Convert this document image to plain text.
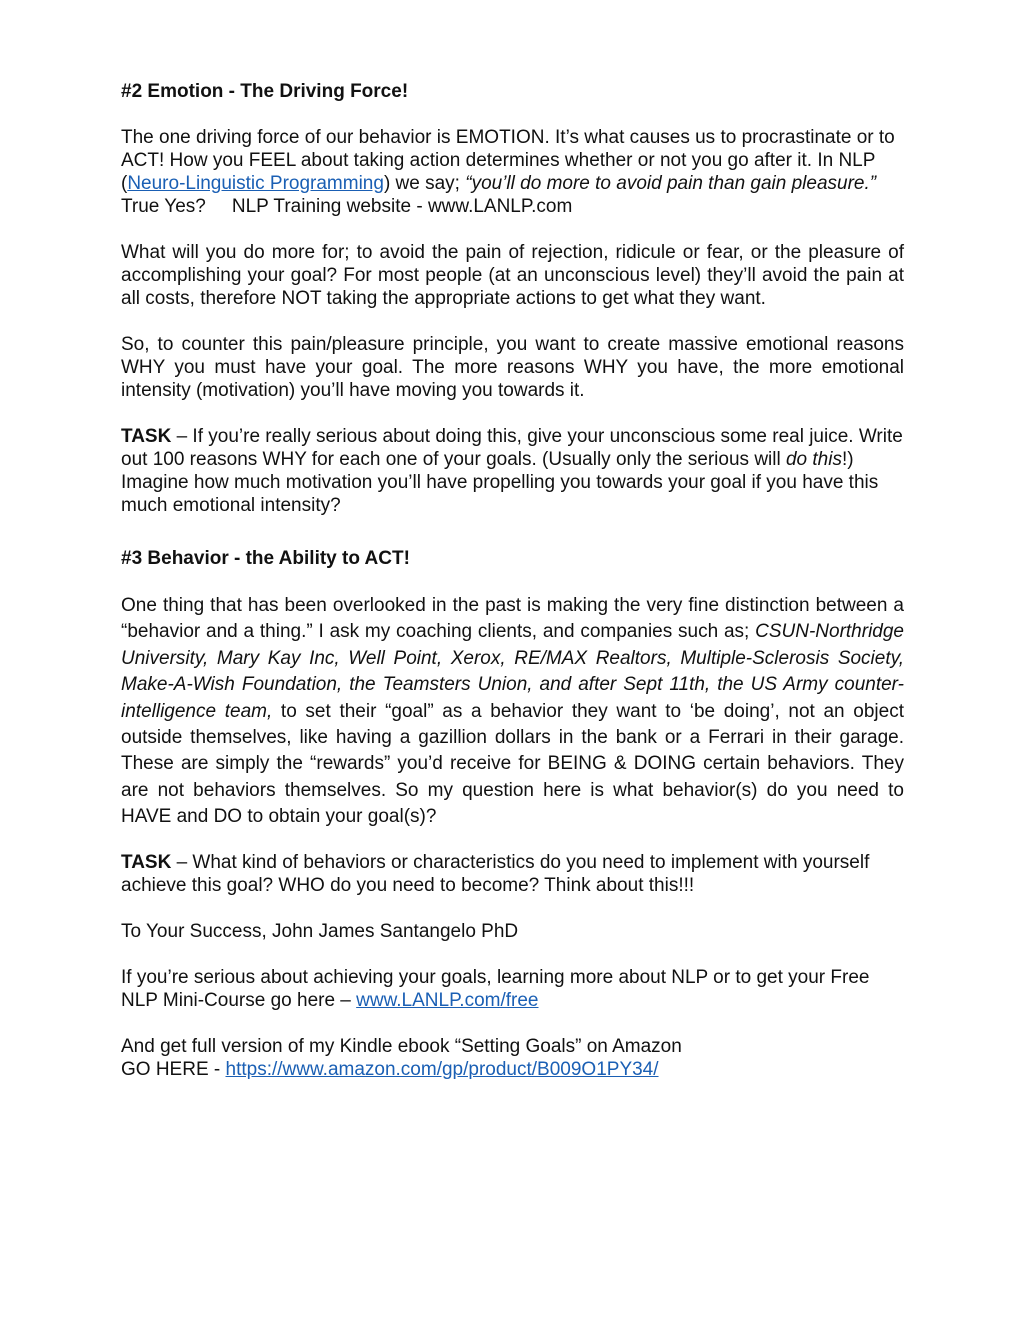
#2 Emotion - The Driving Force!
The one driving force of our behavior is EMOTION. It’s what causes us to procrastinate or to ACT! How you FEEL about taking action determines whether or not you go after it. In NLP (Neuro-Linguistic Programming) we say; “you’ll do more to avoid pain than gain pleasure.” True Yes? NLP Training website - www.LANLP.com
What will you do more for; to avoid the pain of rejection, ridicule or fear, or the pleasure of accomplishing your goal? For most people (at an unconscious level) they’ll avoid the pain at all costs, therefore NOT taking the appropriate actions to get what they want.
So, to counter this pain/pleasure principle, you want to create massive emotional reasons WHY you must have your goal. The more reasons WHY you have, the more emotional intensity (motivation) you’ll have moving you towards it.
TASK – If you’re really serious about doing this, give your unconscious some real juice. Write out 100 reasons WHY for each one of your goals. (Usually only the serious will do this!) Imagine how much motivation you’ll have propelling you towards your goal if you have this much emotional intensity?
#3 Behavior - the Ability to ACT!
One thing that has been overlooked in the past is making the very fine distinction between a “behavior and a thing.” I ask my coaching clients, and companies such as; CSUN-Northridge University, Mary Kay Inc, Well Point, Xerox, RE/MAX Realtors, Multiple-Sclerosis Society, Make-A-Wish Foundation, the Teamsters Union, and after Sept 11th, the US Army counter-intelligence team, to set their “goal” as a behavior they want to ‘be doing’, not an object outside themselves, like having a gazillion dollars in the bank or a Ferrari in their garage. These are simply the “rewards” you’d receive for BEING & DOING certain behaviors. They are not behaviors themselves. So my question here is what behavior(s) do you need to HAVE and DO to obtain your goal(s)?
TASK – What kind of behaviors or characteristics do you need to implement with yourself achieve this goal? WHO do you need to become? Think about this!!!
To Your Success, John James Santangelo PhD
If you’re serious about achieving your goals, learning more about NLP or to get your Free NLP Mini-Course go here – www.LANLP.com/free
And get full version of my Kindle ebook “Setting Goals” on Amazon
GO HERE - https://www.amazon.com/gp/product/B009O1PY34/
